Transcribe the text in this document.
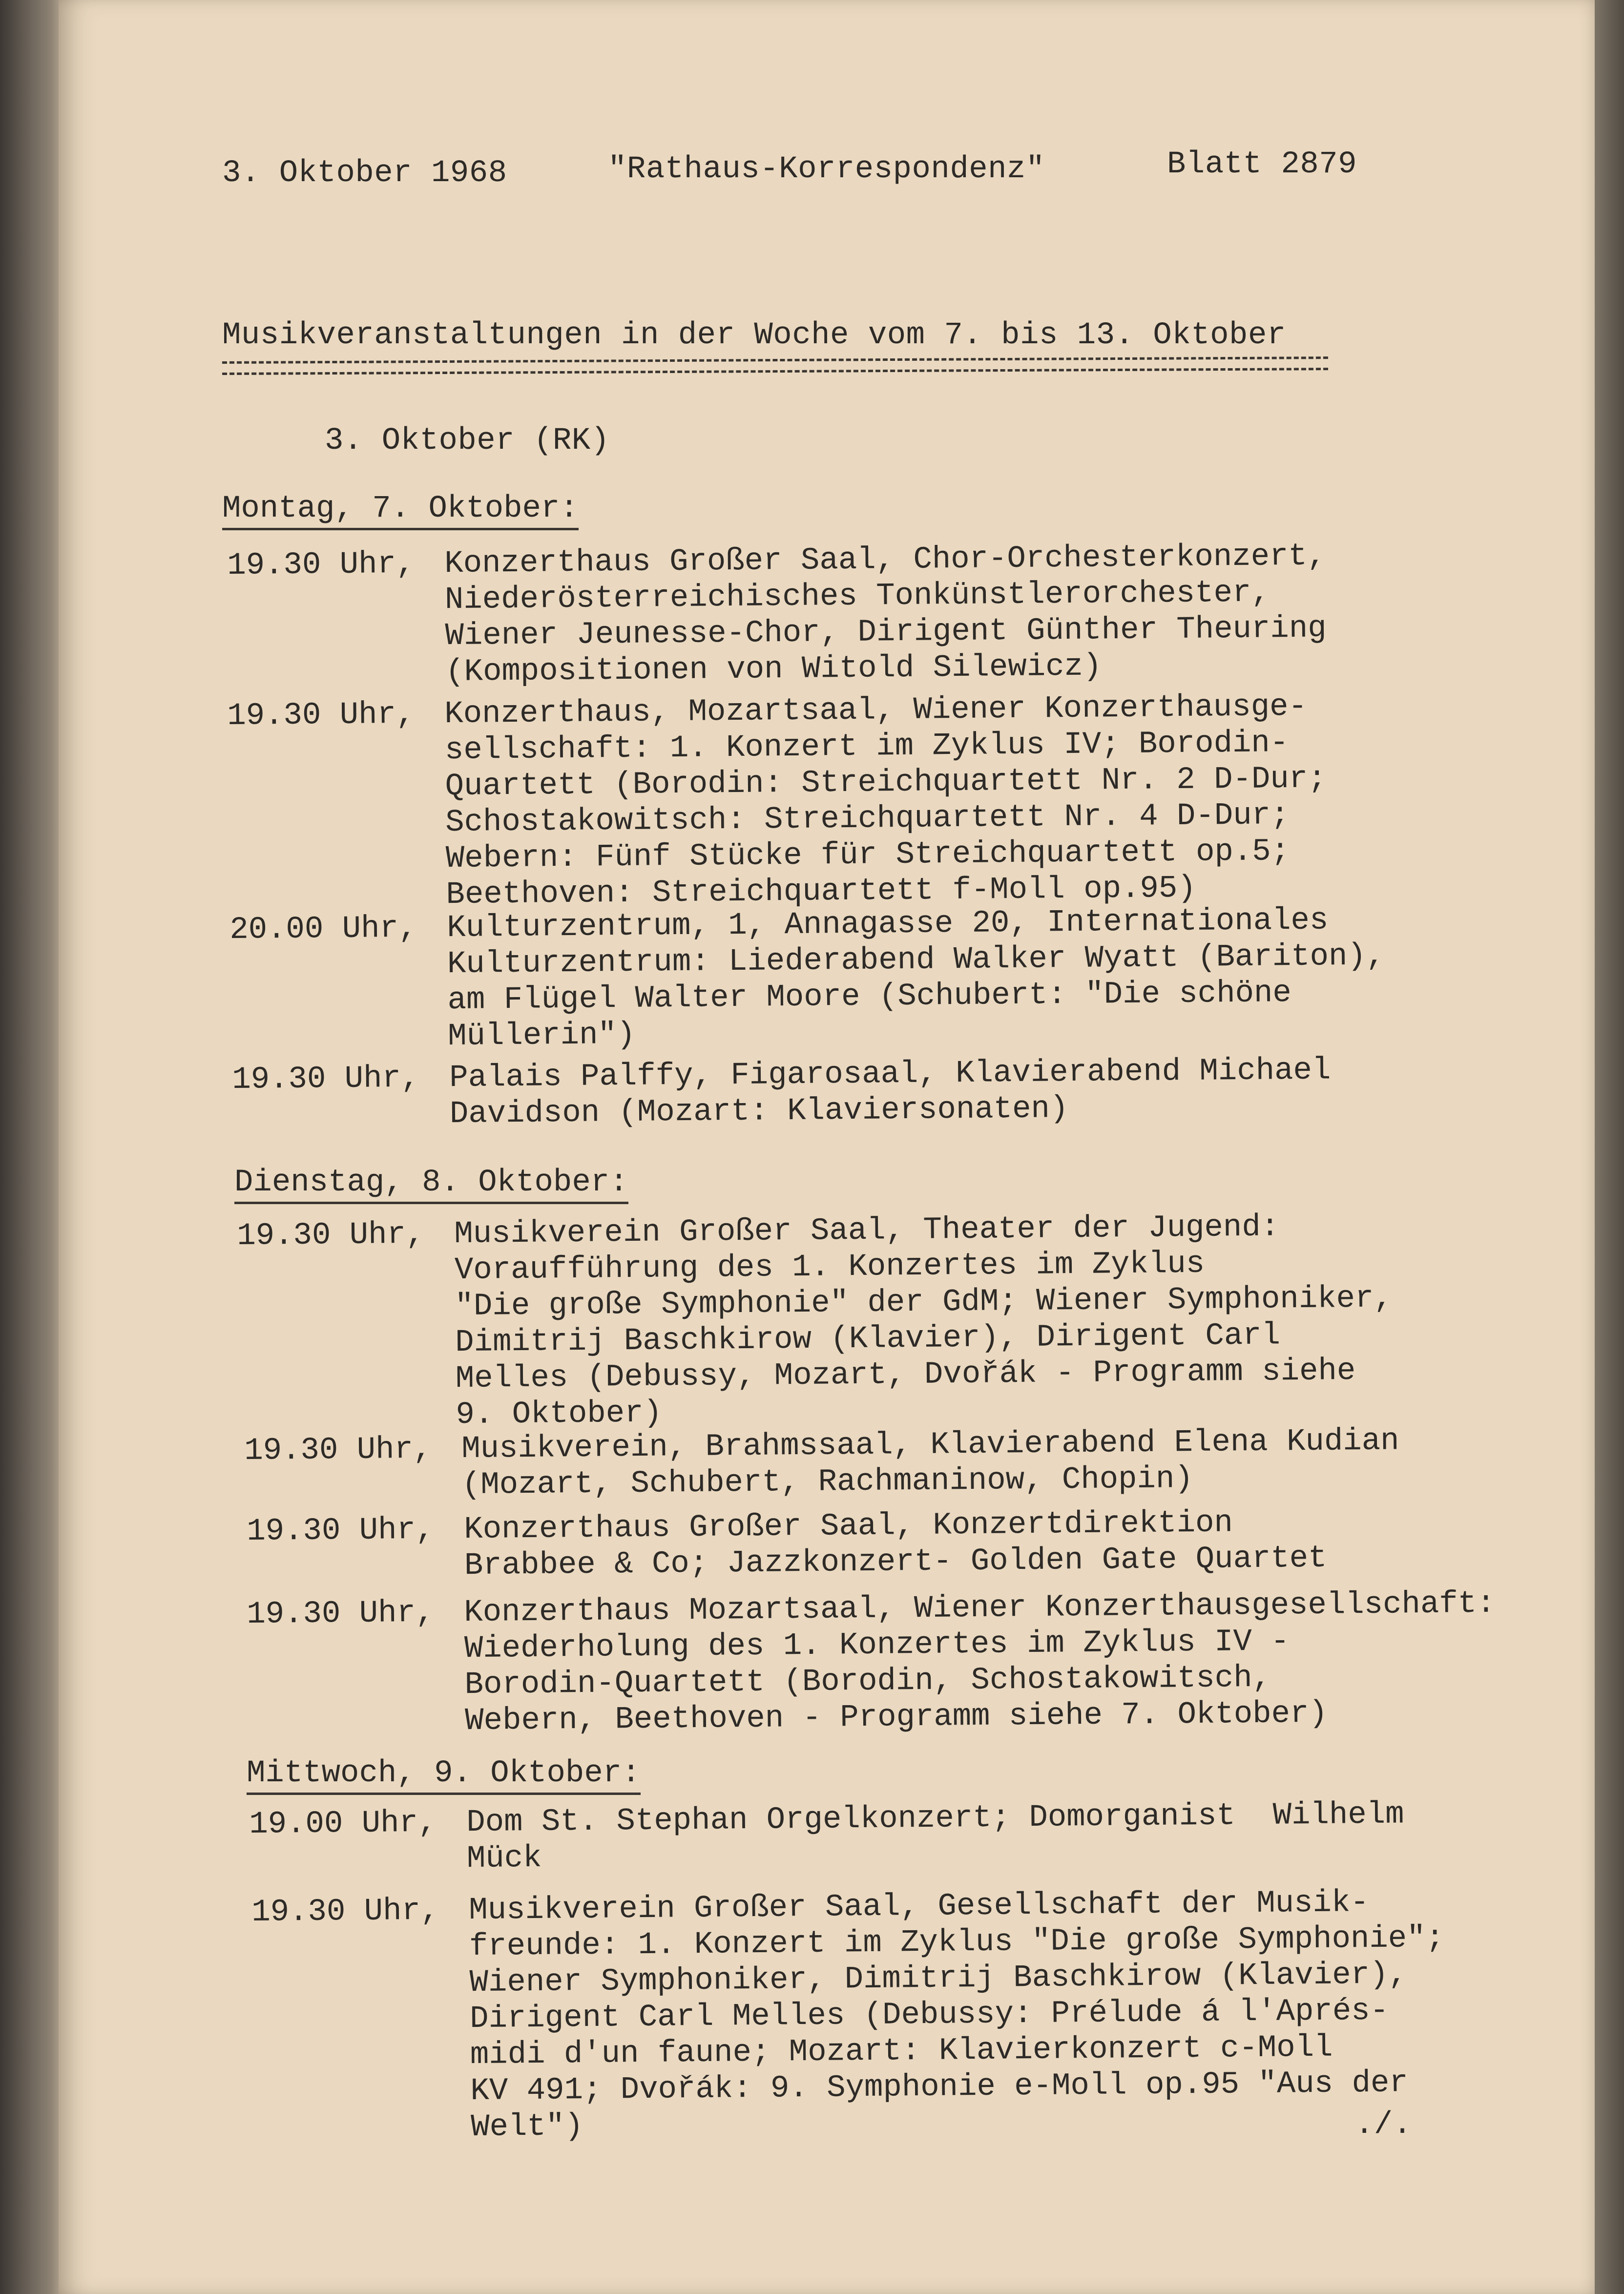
3. Oktober 1968	"Rathaus-Korrespondenz"	Blatt 2879
Musikveranstaltungen in der Woche vom 7. bis 13. Oktober
3. Oktober (RK)
Montag, 7. Oktober:
19.30 Uhr, Konzerthaus Großer Saal, Chor-Orchesterkonzert,
Niederösterreichisches Tonkünstlerorchester,
Wiener Jeunesse-Chor, Dirigent Günther Theuring
(Kompositionen von Witold Silewicz)
19.30 Uhr, Konzerthaus, Mozartsaal, Wiener Konzerthausge-
sellschaft: 1. Konzert im Zyklus IV; Borodin-
Quartett (Borodin: Streichquartett Nr. 2 D-Dur;
Schostakowitsch: Streichquartett Nr. 4 D-Dur;
Webern: Fünf Stücke für Streichquartett op.5;
Beethoven: Streichquartett f-Moll op.95)
20.00 Uhr, Kulturzentrum, 1, Annagasse 20, Internationales
Kulturzentrum: Liederabend Walker Wyatt (Bariton),
am Flügel Walter Moore (Schubert: "Die schöne
Müllerin")
19.30 Uhr, Palais Palffy, Figarosaal, Klavierabend Michael
Davidson (Mozart: Klaviersonaten)
Dienstag, 8. Oktober:
19.30 Uhr, Musikverein Großer Saal, Theater der Jugend:
Voraufführung des 1. Konzertes im Zyklus
"Die große Symphonie" der GdM; Wiener Symphoniker,
Dimitrij Baschkirow (Klavier), Dirigent Carl
Melles (Debussy, Mozart, Dvořák - Programm siehe
9. Oktober)
19.30 Uhr, Musikverein, Brahmssaal, Klavierabend Elena Kudian
(Mozart, Schubert, Rachmaninow, Chopin)
19.30 Uhr, Konzerthaus Großer Saal, Konzertdirektion
Brabbee & Co; Jazzkonzert- Golden Gate Quartet
19.30 Uhr, Konzerthaus Mozartsaal, Wiener Konzerthausgesellschaft:
Wiederholung des 1. Konzertes im Zyklus IV -
Borodin-Quartett (Borodin, Schostakowitsch,
Webern, Beethoven - Programm siehe 7. Oktober)
Mittwoch, 9. Oktober:
19.00 Uhr, Dom St. Stephan Orgelkonzert; Domorganist  Wilhelm
Mück
19.30 Uhr, Musikverein Großer Saal, Gesellschaft der Musik-
freunde: 1. Konzert im Zyklus "Die große Symphonie";
Wiener Symphoniker, Dimitrij Baschkirow (Klavier),
Dirigent Carl Melles (Debussy: Prélude á l'Aprés-
midi d'un faune; Mozart: Klavierkonzert c-Moll
KV 491; Dvořák: 9. Symphonie e-Moll op.95 "Aus der
Welt")	./.
